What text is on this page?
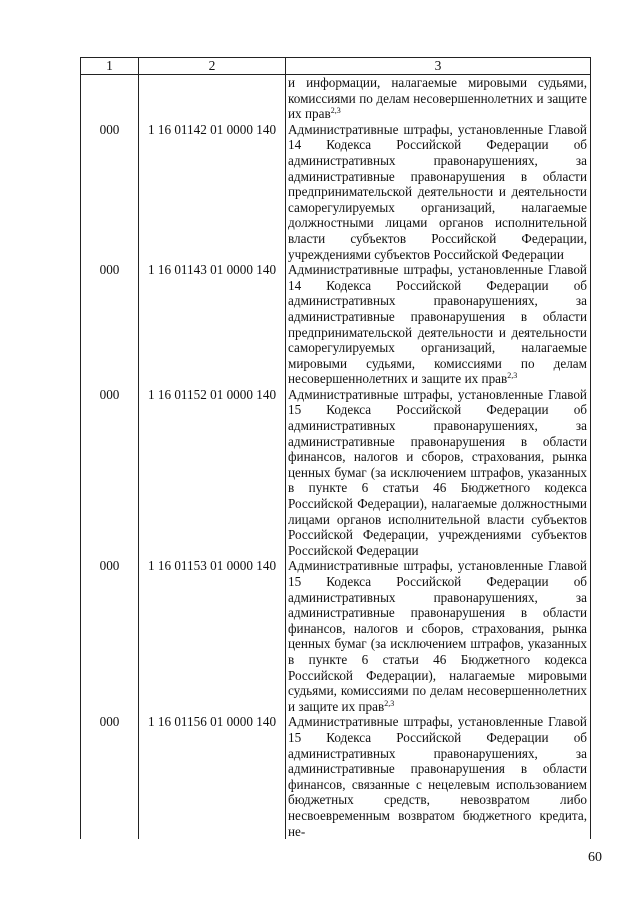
1	2	3
		и информации, налагаемые мировыми судьями, комиссиями по делам несовершеннолетних и защите их прав$^{2,3}$
000	1 16 01142 01 0000 140	Административные штрафы, установленные Главой 14 Кодекса Российской Федерации об административных правонарушениях, за административные правонарушения в области предпринимательской деятельности и деятельности саморегулируемых организаций, налагаемые должностными лицами органов исполнительной власти субъектов Российской Федерации, учреждениями субъектов Российской Федерации
000	1 16 01143 01 0000 140	Административные штрафы, установленные Главой 14 Кодекса Российской Федерации об административных правонарушениях, за административные правонарушения в области предпринимательской деятельности и деятельности саморегулируемых организаций, налагаемые мировыми судьями, комиссиями по делам несовершеннолетних и защите их прав$^{2,3}$
000	1 16 01152 01 0000 140	Административные штрафы, установленные Главой 15 Кодекса Российской Федерации об административных правонарушениях, за административные правонарушения в области финансов, налогов и сборов, страхования, рынка ценных бумаг (за исключением штрафов, указанных в пункте 6 статьи 46 Бюджетного кодекса Российской Федерации), налагаемые должностными лицами органов исполнительной власти субъектов Российской Федерации, учреждениями субъектов Российской Федерации
000	1 16 01153 01 0000 140	Административные штрафы, установленные Главой 15 Кодекса Российской Федерации об административных правонарушениях, за административные правонарушения в области финансов, налогов и сборов, страхования, рынка ценных бумаг (за исключением штрафов, указанных в пункте 6 статьи 46 Бюджетного кодекса Российской Федерации), налагаемые мировыми судьями, комиссиями по делам несовершеннолетних и защите их прав$^{2,3}$
000	1 16 01156 01 0000 140	Административные штрафы, установленные Главой 15 Кодекса Российской Федерации об административных правонарушениях, за административные правонарушения в области финансов, связанные с нецелевым использованием бюджетных средств, невозвратом либо несвоевременным возвратом бюджетного кредита, не-
60
